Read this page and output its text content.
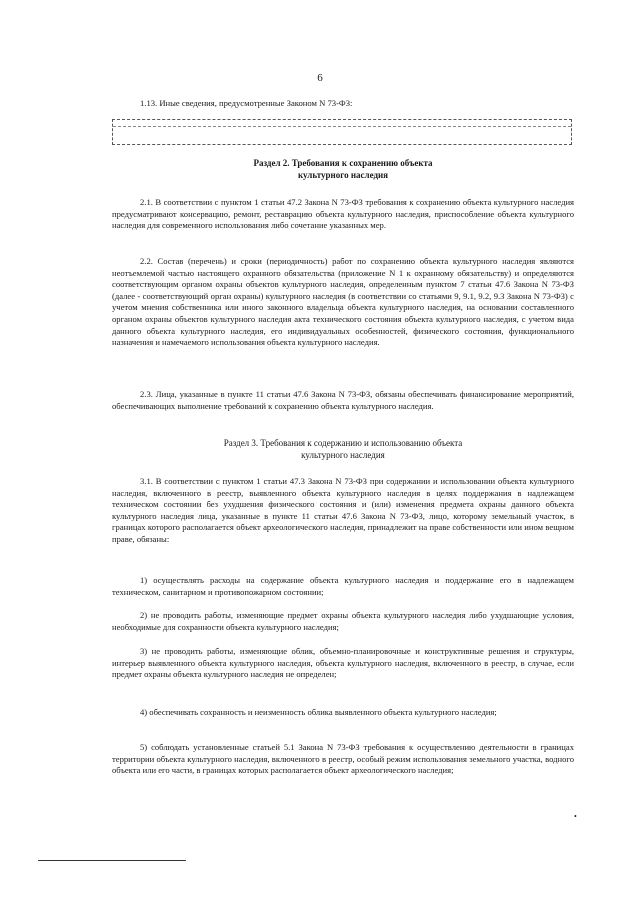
6

1.13. Иные сведения, предусмотренные Законом N 73-ФЗ:

Раздел 2. Требования к сохранению объекта
культурного наследия

2.1. В соответствии с пунктом 1 статьи 47.2 Закона N 73-ФЗ требования к сохранению объекта культурного наследия предусматривают консервацию, ремонт, реставрацию объекта культурного наследия, приспособление объекта культурного наследия для современного использования либо сочетание указанных мер.

2.2. Состав (перечень) и сроки (периодичность) работ по сохранению объекта культурного наследия являются неотъемлемой частью настоящего охранного обязательства (приложение N 1 к охранному обязательству) и определяются соответствующим органом охраны объектов культурного наследия, определенным пунктом 7 статьи 47.6 Закона N 73-ФЗ (далее - соответствующий орган охраны) культурного наследия (в соответствии со статьями 9, 9.1, 9.2, 9.3 Закона N 73-ФЗ) с учетом мнения собственника или иного законного владельца объекта культурного наследия, на основании составленного органом охраны объектов культурного наследия акта технического состояния объекта культурного наследия, с учетом вида данного объекта культурного наследия, его индивидуальных особенностей, физического состояния, функционального назначения и намечаемого использования объекта культурного наследия.

2.3. Лица, указанные в пункте 11 статьи 47.6 Закона N 73-ФЗ, обязаны обеспечивать финансирование мероприятий, обеспечивающих выполнение требований к сохранению объекта культурного наследия.

Раздел 3. Требования к содержанию и использованию объекта
культурного наследия

3.1. В соответствии с пунктом 1 статьи 47.3 Закона N 73-ФЗ при содержании и использовании объекта культурного наследия, включенного в реестр, выявленного объекта культурного наследия в целях поддержания в надлежащем техническом состоянии без ухудшения физического состояния и (или) изменения предмета охраны данного объекта культурного наследия лица, указанные в пункте 11 статьи 47.6 Закона N 73-ФЗ, лицо, которому земельный участок, в границах которого располагается объект археологического наследия, принадлежит на праве собственности или ином вещном праве, обязаны:

1) осуществлять расходы на содержание объекта культурного наследия и поддержание его в надлежащем техническом, санитарном и противопожарном состоянии;

2) не проводить работы, изменяющие предмет охраны объекта культурного наследия либо ухудшающие условия, необходимые для сохранности объекта культурного наследия;

3) не проводить работы, изменяющие облик, объемно-планировочные и конструктивные решения и структуры, интерьер выявленного объекта культурного наследия, объекта культурного наследия, включенного в реестр, в случае, если предмет охраны объекта культурного наследия не определен;

4) обеспечивать сохранность и неизменность облика выявленного объекта культурного наследия;

5) соблюдать установленные статьей 5.1 Закона N 73-ФЗ требования к осуществлению деятельности в границах территории объекта культурного наследия, включенного в реестр, особый режим использования земельного участка, водного объекта или его части, в границах которых располагается объект археологического наследия;

•
